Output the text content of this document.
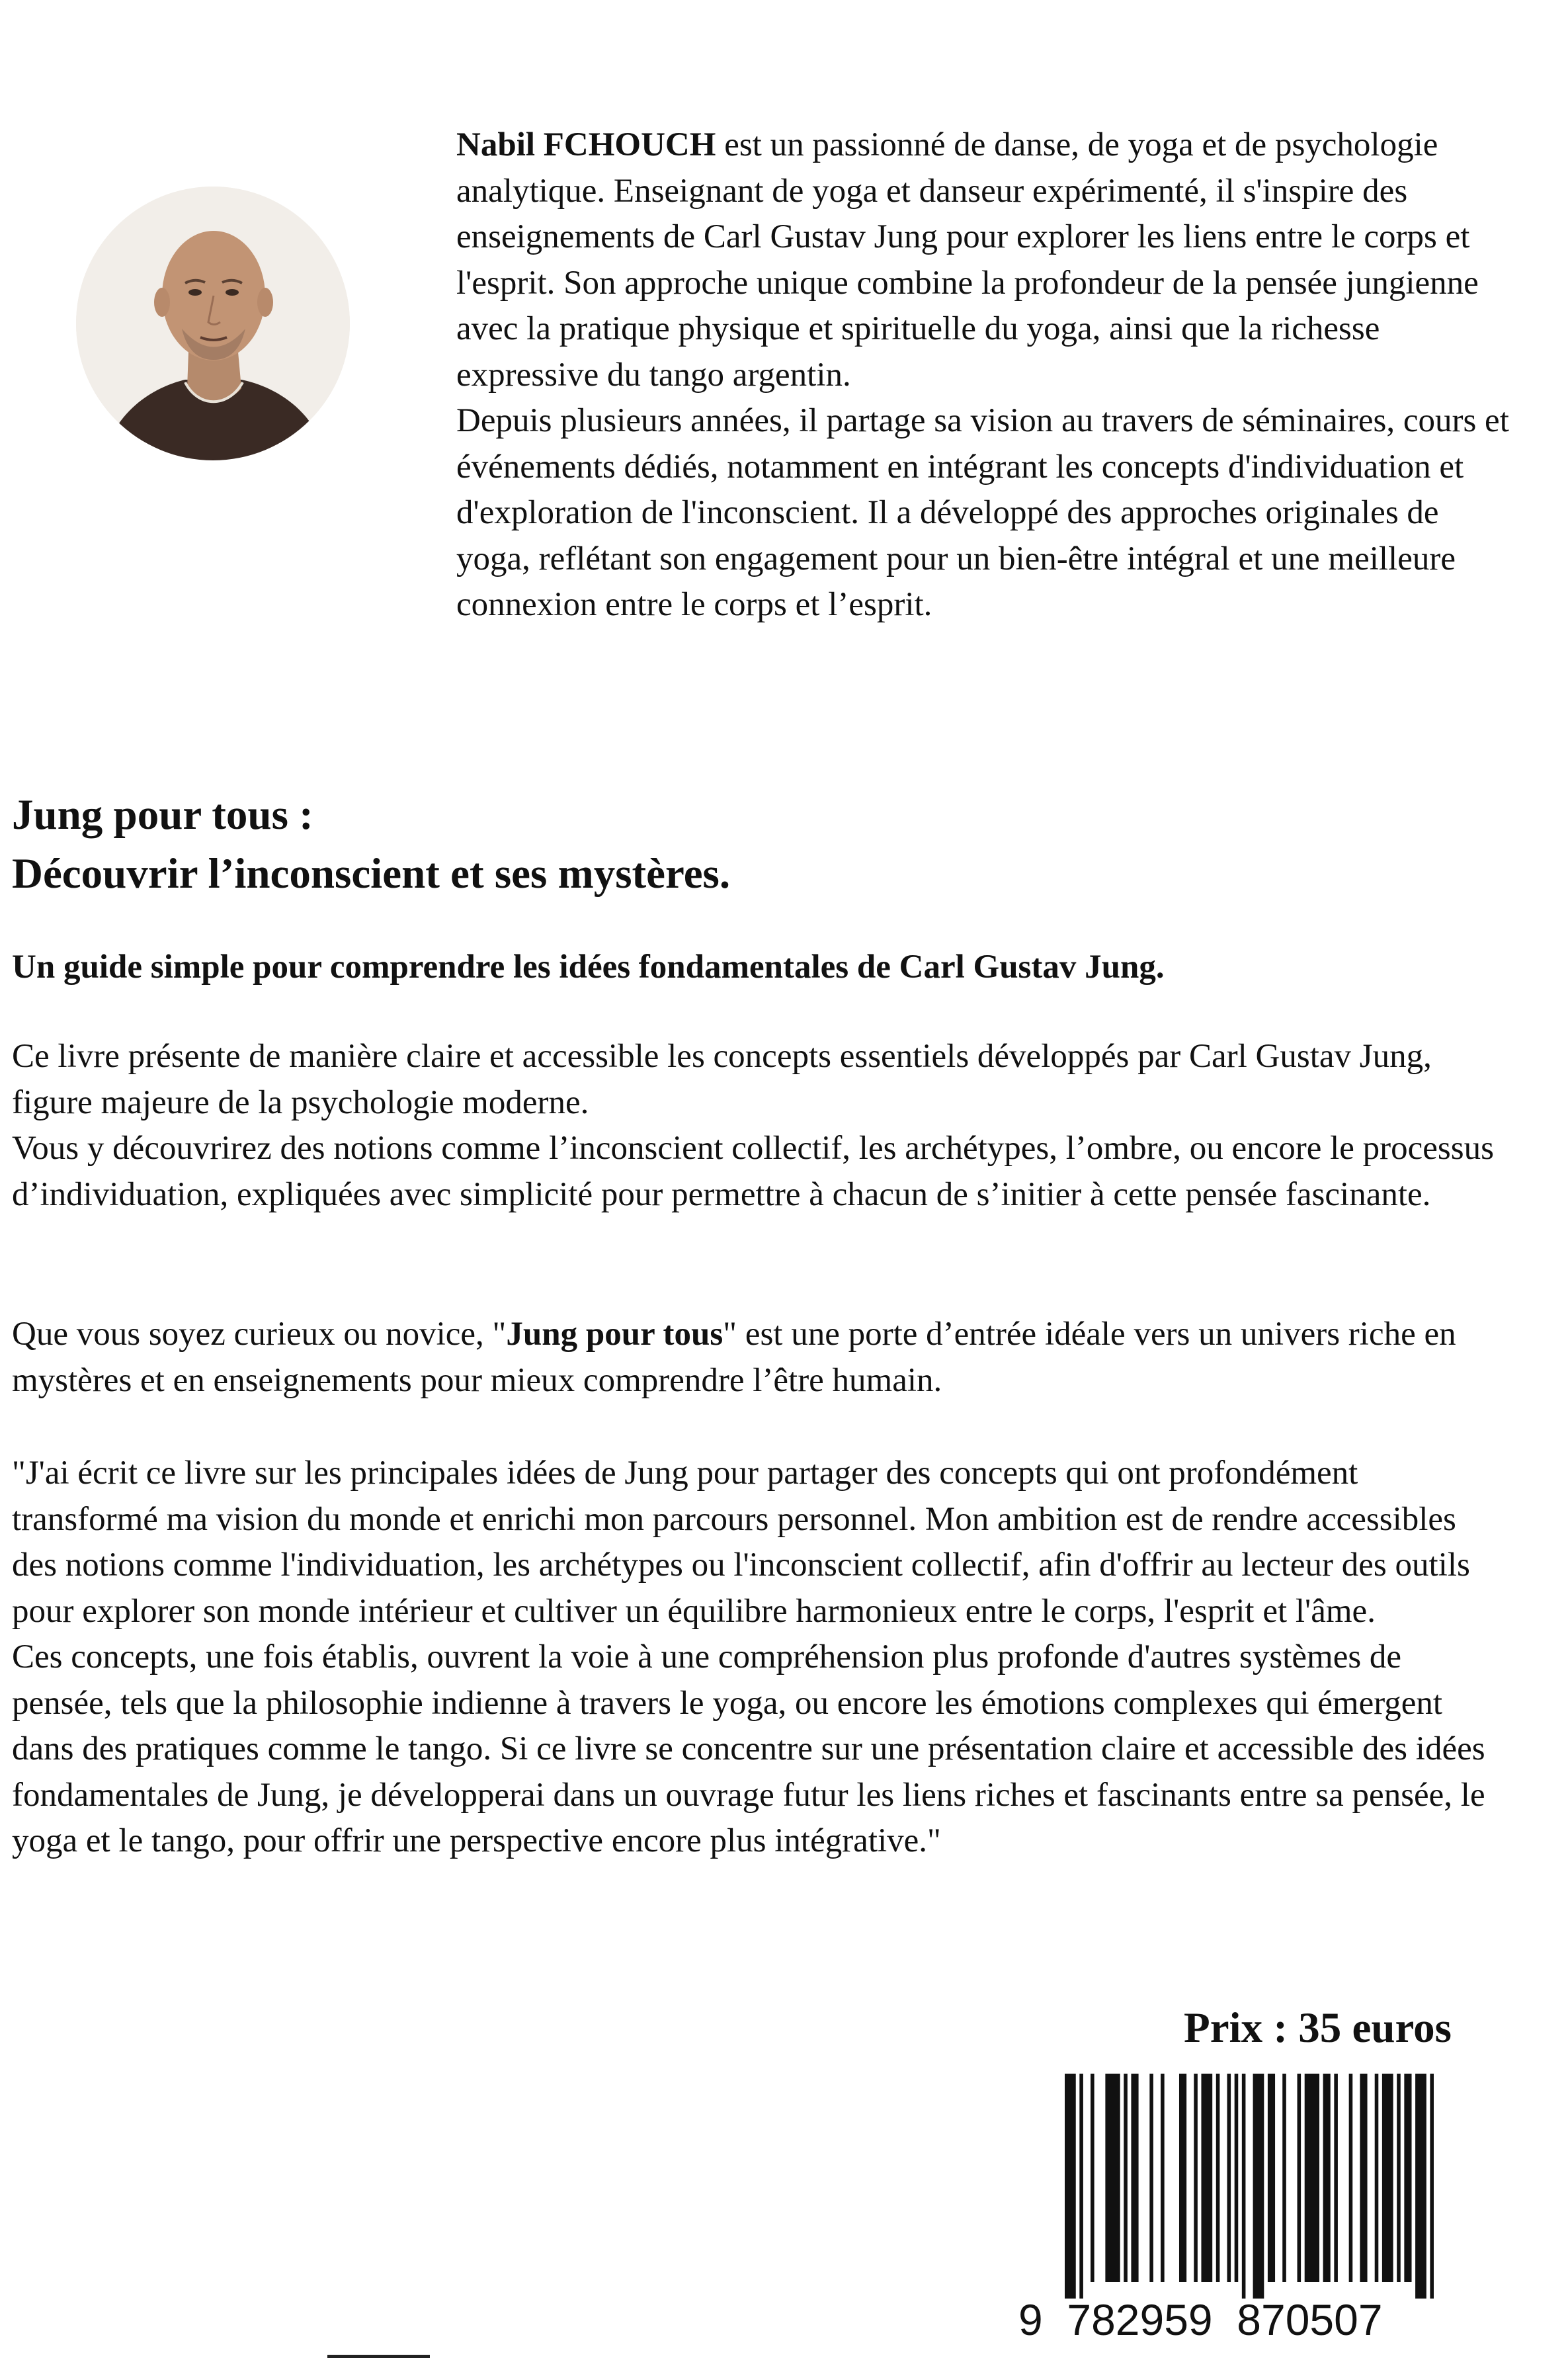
Nabil FCHOUCH est un passionné de danse, de yoga et de psychologie analytique. Enseignant de yoga et danseur expérimenté, il s'inspire des enseignements de Carl Gustav Jung pour explorer les liens entre le corps et l'esprit. Son approche unique combine la profondeur de la pensée jungienne avec la pratique physique et spirituelle du yoga, ainsi que la richesse expressive du tango argentin.

Depuis plusieurs années, il partage sa vision au travers de séminaires, cours et événements dédiés, notamment en intégrant les concepts d'individuation et d'exploration de l'inconscient. Il a développé des approches originales de yoga, reflétant son engagement pour un bien-être intégral et une meilleure connexion entre le corps et l’esprit.

Jung pour tous :
Découvrir l’inconscient et ses mystères.
Un guide simple pour comprendre les idées fondamentales de Carl Gustav Jung.

Ce livre présente de manière claire et accessible les concepts essentiels développés par Carl Gustav Jung, figure majeure de la psychologie moderne.

Vous y découvrirez des notions comme l’inconscient collectif, les archétypes, l’ombre, ou encore le processus d’individuation, expliquées avec simplicité pour permettre à chacun de s’initier à cette pensée fascinante.

Que vous soyez curieux ou novice, "Jung pour tous" est une porte d’entrée idéale vers un univers riche en mystères et en enseignements pour mieux comprendre l’être humain.

"J'ai écrit ce livre sur les principales idées de Jung pour partager des concepts qui ont profondément transformé ma vision du monde et enrichi mon parcours personnel. Mon ambition est de rendre accessibles des notions comme l'individuation, les archétypes ou l'inconscient collectif, afin d'offrir au lecteur des outils pour explorer son monde intérieur et cultiver un équilibre harmonieux entre le corps, l'esprit et l'âme.

Ces concepts, une fois établis, ouvrent la voie à une compréhension plus profonde d'autres systèmes de pensée, tels que la philosophie indienne à travers le yoga, ou encore les émotions complexes qui émergent dans des pratiques comme le tango. Si ce livre se concentre sur une présentation claire et accessible des idées fondamentales de Jung, je développerai dans un ouvrage futur les liens riches et fascinants entre sa pensée, le yoga et le tango, pour offrir une perspective encore plus intégrative."

Prix : 35 euros
9  782959  870507
